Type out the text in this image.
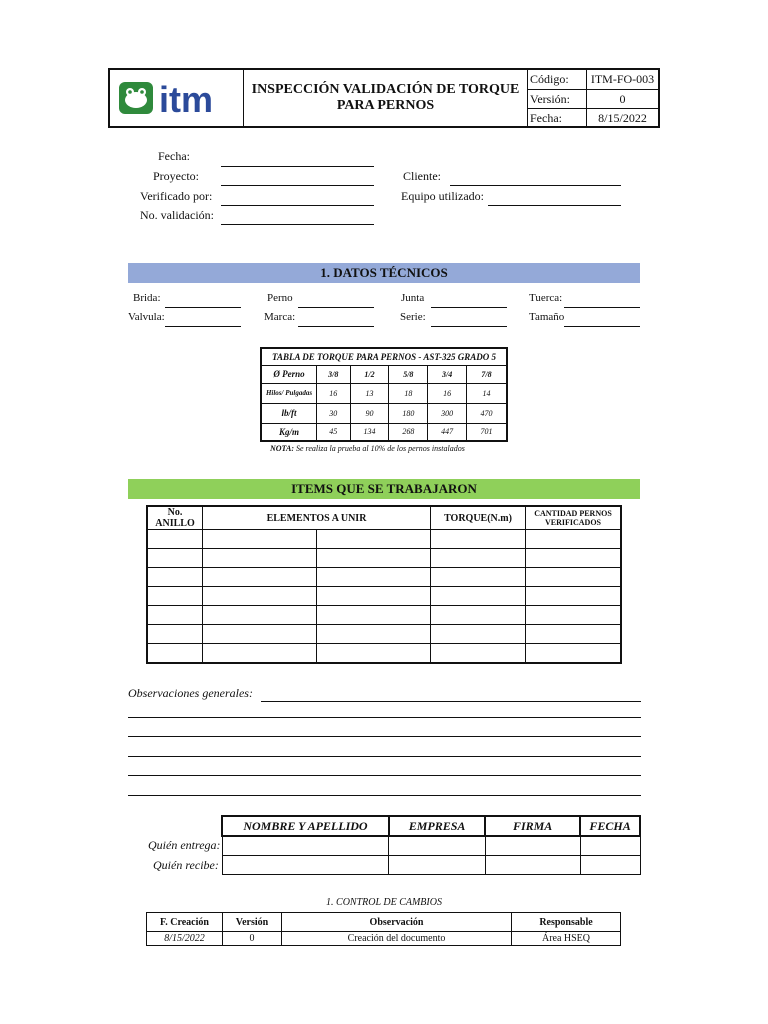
itm	INSPECCIÓN VALIDACIÓN DE TORQUE
PARA PERNOS
Código:	ITM-FO-003
Versión:	0
Fecha:	8/15/2022
Fecha:
Proyecto:
Verificado por:
No. validación:
Cliente:
Equipo utilizado:
1. DATOS TÉCNICOS
Brida:
Valvula:
Perno
Marca:
Junta
Serie:
Tuerca:
Tamaño
TABLA DE TORQUE PARA PERNOS - AST-325 GRADO 5					
Ø Perno	3/8	1/2	5/8	3/4	7/8
Hilos/ Pulgadas	16	13	18	16	14
lb/ft	30	90	180	300	470
Kg/m	45	134	268	447	701
NOTA: Se realiza la prueba al 10% de los pernos instalados
ITEMS QUE SE TRABAJARON
No. ANILLO	ELEMENTOS A UNIR		TORQUE(N.m)	CANTIDAD PERNOS VERIFICADOS

Observaciones generales:
Quién entrega:
Quién recibe:
NOMBRE Y APELLIDO	EMPRESA	FIRMA	FECHA

1. CONTROL DE CAMBIOS
F. Creación	Versión	Observación	Responsable
8/15/2022	0	Creación del documento	Área HSEQ
